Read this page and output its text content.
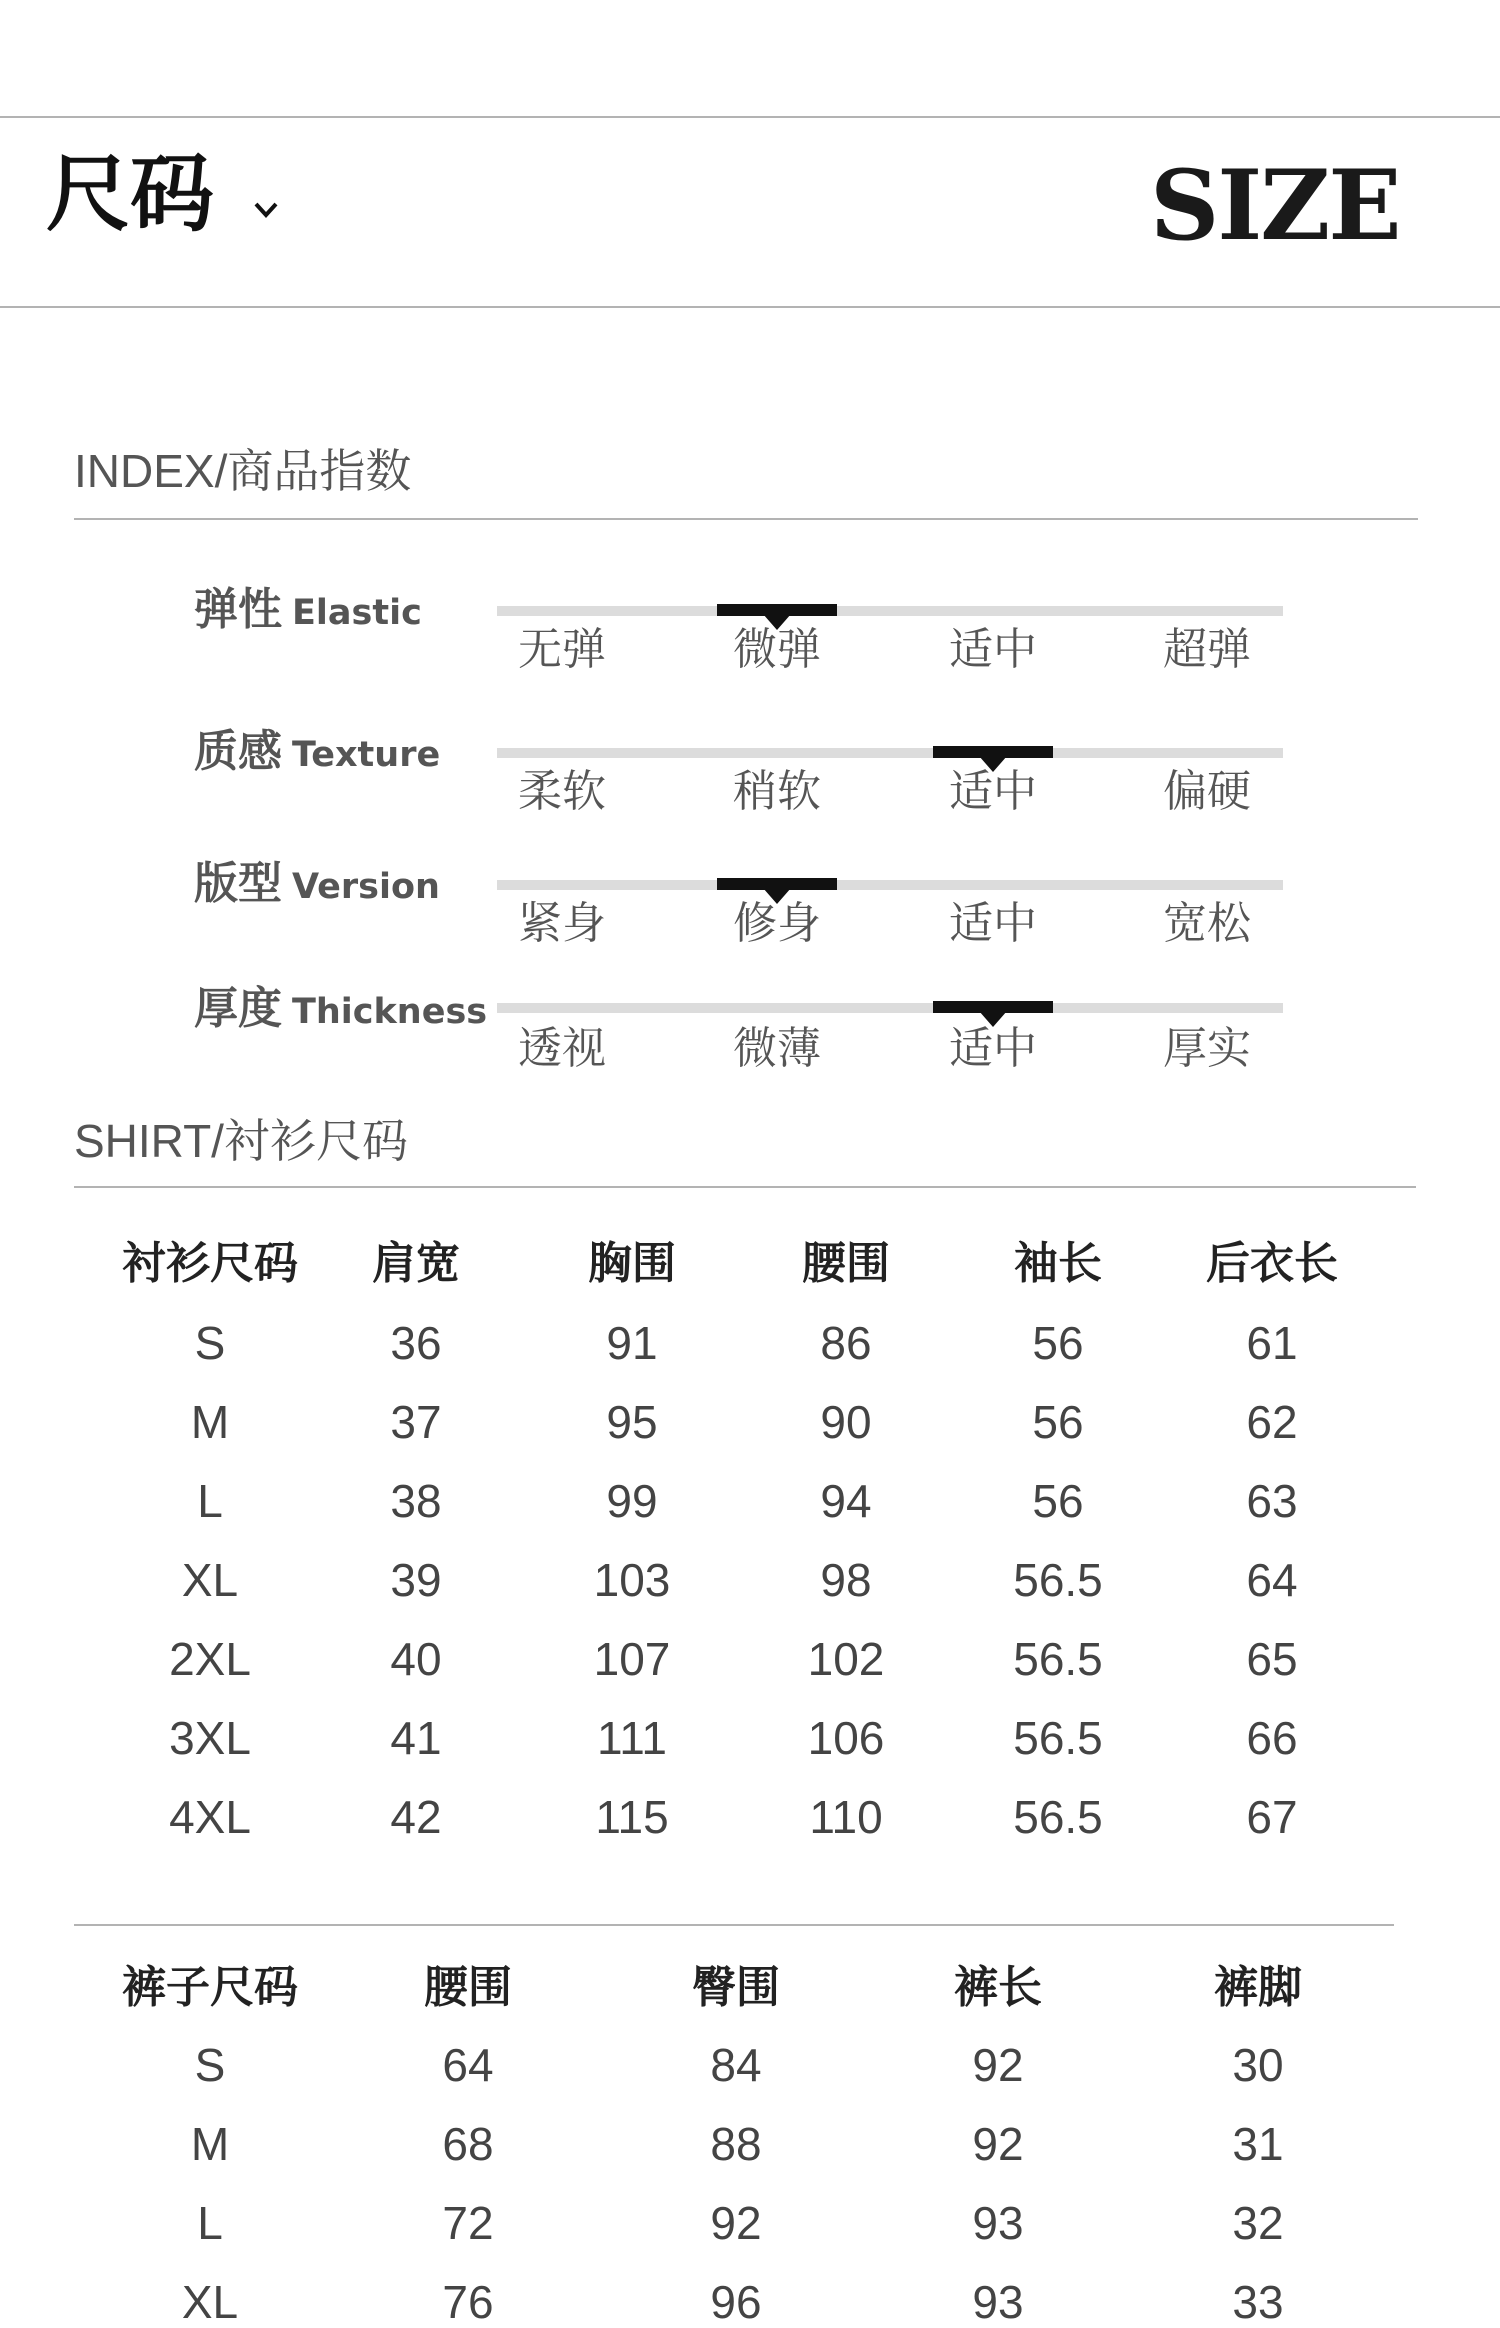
尺码	SIZE
INDEX/商品指数
弹性 Elastic
无弹	微弹	适中	超弹
质感 Texture
柔软	稍软	适中	偏硬
版型 Version
紧身	修身	适中	宽松
厚度 Thickness
透视	微薄	适中	厚实
SHIRT/衬衫尺码
衬衫尺码	肩宽	胸围	腰围	袖长	后衣长
S	36	91	86	56	61
M	37	95	90	56	62
L	38	99	94	56	63
XL	39	103	98	56.5	64
2XL	40	107	102	56.5	65
3XL	41	111	106	56.5	66
4XL	42	115	110	56.5	67
裤子尺码	腰围	臀围	裤长	裤脚
S	64	84	92	30
M	68	88	92	31
L	72	92	93	32
XL	76	96	93	33
